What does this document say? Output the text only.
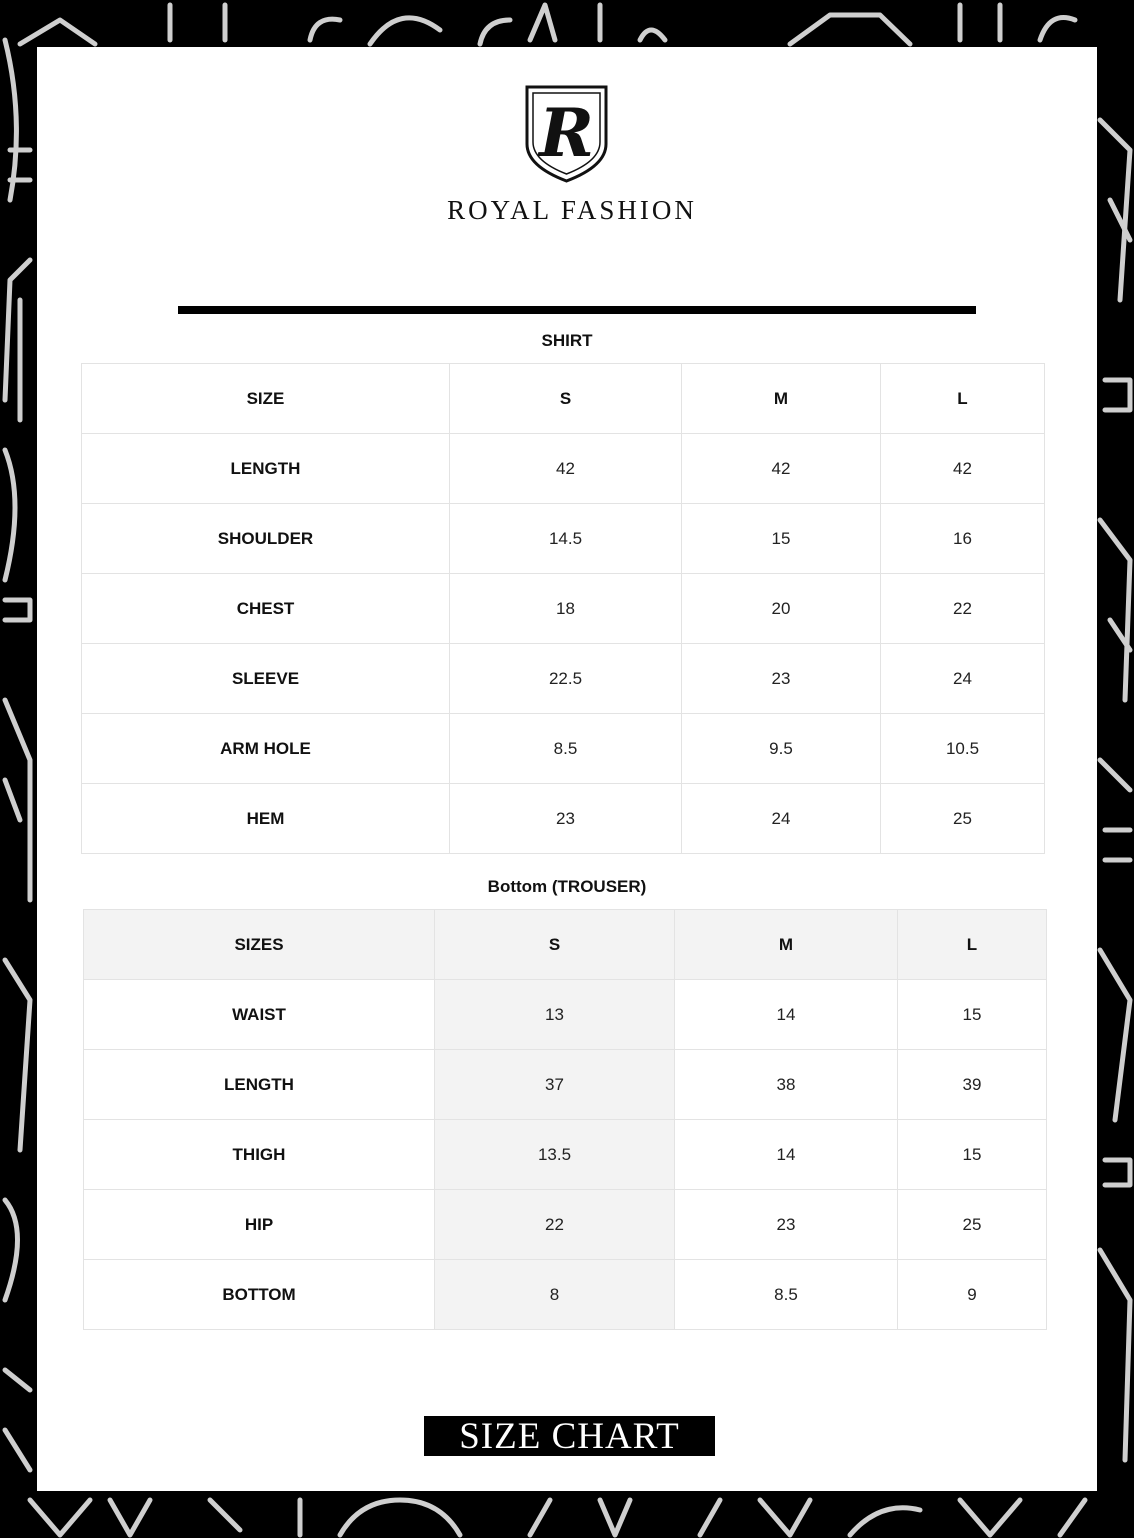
R
ROYAL FASHION
SHIRT
SIZE	S	M	L
LENGTH	42	42	42
SHOULDER	14.5	15	16
CHEST	18	20	22
SLEEVE	22.5	23	24
ARM HOLE	8.5	9.5	10.5
HEM	23	24	25
Bottom (TROUSER)
SIZES	S	M	L
WAIST	13	14	15
LENGTH	37	38	39
THIGH	13.5	14	15
HIP	22	23	25
BOTTOM	8	8.5	9
SIZE CHART
